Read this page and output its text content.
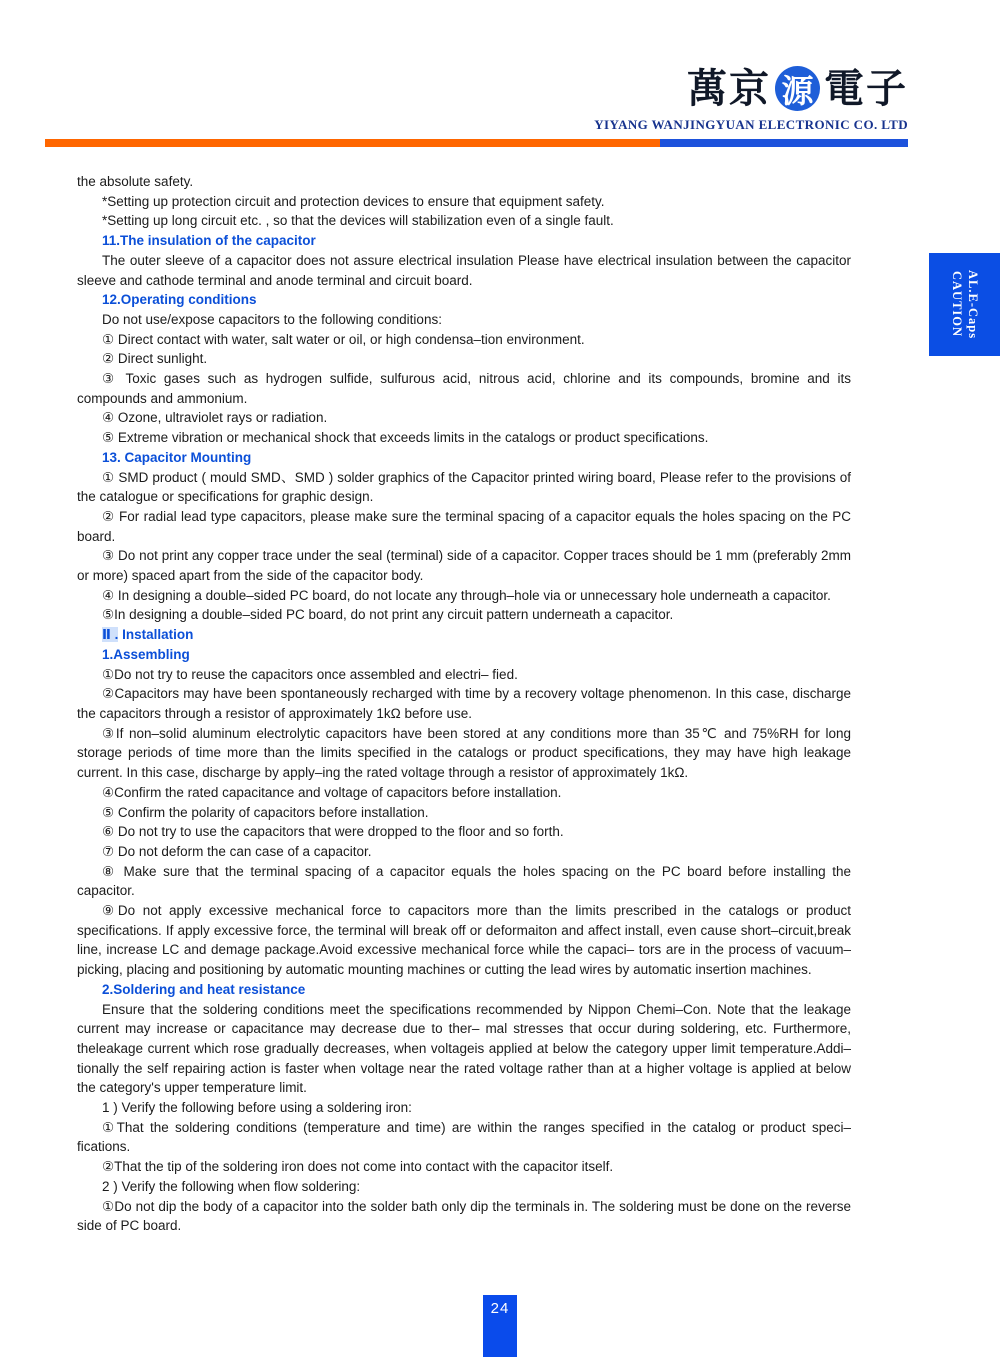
萬京 源 電子
YIYANG WANJINGYUAN ELECTRONIC CO. LTD
CAUTION AL.E-Caps

the absolute safety.

*Setting up protection circuit and protection devices to ensure that equipment safety.

*Setting up long circuit etc. , so that the devices will stabilization even of a single fault.

11.The insulation of the capacitor

The outer sleeve of a capacitor does not assure electrical insulation Please have electrical insulation between the capacitor sleeve and cathode terminal and anode terminal and circuit board.

12.Operating conditions

Do not use/expose capacitors to the following conditions:

① Direct contact with water, salt water or oil, or high condensa–tion environment.

② Direct sunlight.

③ Toxic gases such as hydrogen sulfide, sulfurous acid, nitrous acid, chlorine and its compounds, bromine and its compounds and ammonium.

④ Ozone, ultraviolet rays or radiation.

⑤ Extreme vibration or mechanical shock that exceeds limits in the catalogs or product specifications.

13. Capacitor Mounting

① SMD product ( mould SMD、SMD ) solder graphics of the Capacitor printed wiring board, Please refer to the provisions of the catalogue or specifications for graphic design.

② For radial lead type capacitors, please make sure the terminal spacing of a capacitor equals the holes spacing on the PC board.

③ Do not print any copper trace under the seal (terminal) side of a capacitor. Copper traces should be 1 mm (preferably 2mm or more) spaced apart from the side of the capacitor body.

④ In designing a double–sided PC board, do not locate any through–hole via or unnecessary hole underneath a capacitor.

⑤In designing a double–sided PC board, do not print any circuit pattern underneath a capacitor.

Ⅱ . Installation

1.Assembling

①Do not try to reuse the capacitors once assembled and electri– fied.

②Capacitors may have been spontaneously recharged with time by a recovery voltage phenomenon. In this case, discharge the capacitors through a resistor of approximately 1kΩ before use.

③If non–solid aluminum electrolytic capacitors have been stored at any conditions more than 35℃ and 75%RH for long storage periods of time more than the limits specified in the catalogs or product specifications, they may have high leakage current. In this case, discharge by apply–ing the rated voltage through a resistor of approximately 1kΩ.

④Confirm the rated capacitance and voltage of capacitors before installation.

⑤ Confirm the polarity of capacitors before installation.

⑥ Do not try to use the capacitors that were dropped to the floor and so forth.

⑦ Do not deform the can case of a capacitor.

⑧ Make sure that the terminal spacing of a capacitor equals the holes spacing on the PC board before installing the capacitor.

⑨Do not apply excessive mechanical force to capacitors more than the limits prescribed in the catalogs or product specifications. If apply excessive force, the terminal will break off or deformaiton and affect install, even cause short–circuit,break line, increase LC and demage package.Avoid excessive mechanical force while the capaci– tors are in the process of vacuum–picking, placing and positioning by automatic mounting machines or cutting the lead wires by automatic insertion machines.

2.Soldering and heat resistance

Ensure that the soldering conditions meet the specifications recommended by Nippon Chemi–Con. Note that the leakage current may increase or capacitance may decrease due to ther– mal stresses that occur during soldering, etc. Furthermore, theleakage current which rose gradually decreases, when voltageis applied at below the category upper limit temperature.Addi–tionally the self repairing action is faster when voltage near the rated voltage rather than at a higher voltage is applied at below the category's upper temperature limit.

1 ) Verify the following before using a soldering iron:

①That the soldering conditions (temperature and time) are within the ranges specified in the catalog or product speci–fications.

②That the tip of the soldering iron does not come into contact with the capacitor itself.

2 ) Verify the following when flow soldering:

①Do not dip the body of a capacitor into the solder bath only dip the terminals in. The soldering must be done on the reverse side of PC board.

24
